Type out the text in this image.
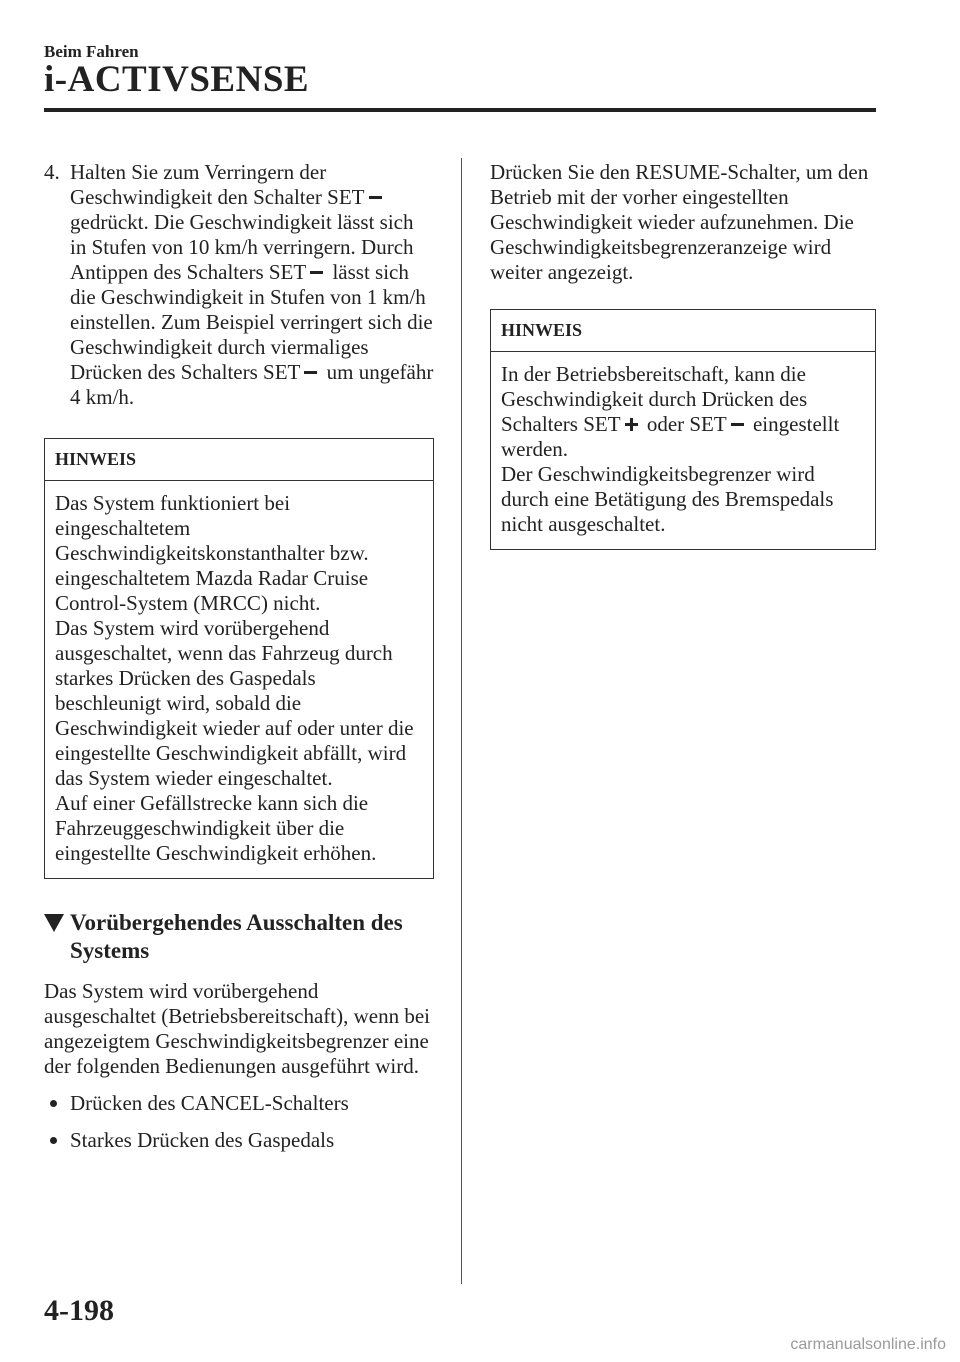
Beim Fahren
i-ACTIVSENSE
4. Halten Sie zum Verringern der Geschwindigkeit den Schalter SET gedrückt. Die Geschwindigkeit lässt sich in Stufen von 10 km/h verringern. Durch Antippen des Schalters SET lässt sich die Geschwindigkeit in Stufen von 1 km/h einstellen. Zum Beispiel verringert sich die Geschwindigkeit durch viermaliges Drücken des Schalters SET um ungefähr 4 km/h.
HINWEIS
Das System funktioniert bei eingeschaltetem Geschwindigkeitskonstanthalter bzw. eingeschaltetem Mazda Radar Cruise Control-System (MRCC) nicht.
Das System wird vorübergehend ausgeschaltet, wenn das Fahrzeug durch starkes Drücken des Gaspedals beschleunigt wird, sobald die Geschwindigkeit wieder auf oder unter die eingestellte Geschwindigkeit abfällt, wird das System wieder eingeschaltet.
Auf einer Gefällstrecke kann sich die Fahrzeuggeschwindigkeit über die eingestellte Geschwindigkeit erhöhen.
Vorübergehendes Ausschalten des Systems
Das System wird vorübergehend ausgeschaltet (Betriebsbereitschaft), wenn bei angezeigtem Geschwindigkeitsbegrenzer eine der folgenden Bedienungen ausgeführt wird.
Drücken des CANCEL-Schalters
Starkes Drücken des Gaspedals
Drücken Sie den RESUME-Schalter, um den Betrieb mit der vorher eingestellten Geschwindigkeit wieder aufzunehmen. Die Geschwindigkeitsbegrenzeranzeige wird weiter angezeigt.
HINWEIS
In der Betriebsbereitschaft, kann die Geschwindigkeit durch Drücken des Schalters SET oder SET eingestellt werden.
Der Geschwindigkeitsbegrenzer wird durch eine Betätigung des Bremspedals nicht ausgeschaltet.
4-198
carmanualsonline.info
